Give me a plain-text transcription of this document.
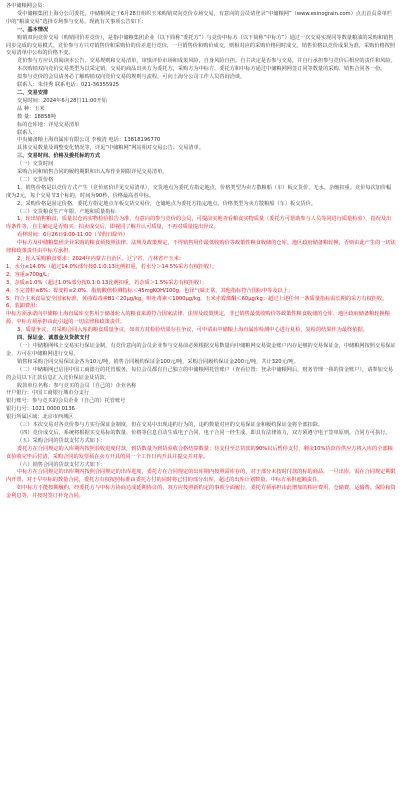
各中储粮网会员：

受中储粮集团上海分公司委托，中储粮网定于6月28日组织玉米购销双向竞价专场交易，有意向的会员请登录“中储粮网”（www.esinograin.com）点击首页菜单栏中的“粮油交易”选择专场参与交易。现就有关事项公告如下：

一、基本情况

购销双向竞价交易（购销同价差竞价），是指中储粮集团企业（以下简称“委托方”）与竞价中标方（以下简称“中标方”）通过一次交易实现同等数量粮油的采购和销售同步完成的交易模式。竞价参与方只对销售价和采购价的价差进行竞价，一旦销售价和购价成交，则相对应的采购价格同时成交。销售价格以竞价成果为准，采购价格按照交易清单中公布的价格不变。

竞价参与方应认真阅读本公告、交易规则和交易清单，审慎评价市场和成果风险，自身风险自担。自主决定是否参与交易，并自行承担参与竞价后相应的责任和风险。

本次购销双向竞价交易类型为以采定销，交易的商品出卖方为委托方，采购方为中标方，委托方和中标方通过中储粮网网签订同等数量的采购、销售合同各一份。

拟参与竞价的会员请务必了解购销双向竞价交易的规则与流程，可向上海分公司工作人员咨询洽谈。

联系人：朱佳秀 联系电话：021-36355925

二、交易安排

交易时间：2024年6月28日11:00开始

品 种：玉米

数 量：18858吨

标的仓库地：详见交易清单

联系人：

中央储备粮上海直属库有限公司 李俊清 电话：13818196770

具体交易数量及调整变化情况等，详见“中储粮网”网站相对交易公告、交易清单。

三、交易时间、价格及委托标的方式

（一）交货时间

采购合同和销售合同的履约期限和出入库作业期限详见交易清单。

（二）交货价格

1、销售价格是以竞价方式产生（竞价底价详见交易清单），交货地点为委托方指定地点，价格类型为卖方散粮船（车）板交货价，无水、杂缩扣重。竞价每次加价幅度为2元，每个交易节3个标的，时间为90秒，价格最高者中标。

2、采购价格是固定价格，委托方指定地点车板交货交易价，仓储地点为委托方指定地点，价格类型为卖方散粮船（车）板交货价。

（三）交货粮食生产年限、产地和质量指标

1、轮出销售粮食，质量以仓内实物检验报告为准，有意向的参与竞价的会员，可提前实地查看粮食实物质量（委托方可帮助参与人员等同进行质量检验），指况及出库条件等，自主确定是否购买。拍卖成交后，即视同了解并认可质量，不再对质量提出异议。

看样时间：6月26日9:00-11:00（节假日除外）

中标方及中储粮集团企业采购的粮食须按照法律、法规及政策规定，不得销售用作最低收购价等政策性粮食收储的仓库、地区政府储备粮轮换，否则由此产生的一切法律和政策责任由中标方承担。

2、轮入采购粮食要求：2024年内蒙古自治区、辽宁省、吉林省产玉米：

1、水分≤14.0%（超过14.0%部分按0.1:0.13比例扣重，若水分＞14.5%采方有权拒收）；

2、容重≥700g/L；

3、杂质≤1.0%（超过1.0%部分按0.1:0.13比例扣重，若杂质＞1.5%采方有权拒收）；

4、不完善粒≤8%；霉变粒≤2.0%，脂肪酸值检测指标＜45mgKOH/100g，色泽气味正常，其他指标符合国标中等及以上；

5、符合主米食品安全国家标准，黄曲霉毒素B1＜20μg/kg，呕吐毒素＜1000μg/kg，玉米赤霉烯酮＜60μg/kg；超过上述任何一条质量指标需长期的采方有权拒收。

6、装卸费用：

中标方须承诺向中储粮上海直属库交售用于储备轮入的粮食来源符合国家法律、法规及政策规定，非已销售最低收购价等政策性粮食收储的仓库、地区政府储备粮轮换粮源，中标方须承担由此引起的一切法律和政策责任。

3、质量争议，对采购合同入库的粮食质量争议，如双方对检验结果存在争议，可申请由中储粮上海直属库检测中心进行复检，复检的结果作为最终依据。

四、保证金、诚意金及货款支付

（一）中储粮网线上交易实行保证金制，有竞价意向的会员企业参与交易前必须根据交易数量向中储粮网交易资金账户内存足够的交易保证金，中储粮网按照交易保证金、方可在中储粮网进行交易。

销售和采购合同交易保证金各为10元/吨，销售合同履约保证金100元/吨，采购合同履约保证金200元/吨，共计320元/吨。

（二）中储粮网已启用中国工商银行的托管服务，每位会员都有自己独立的中储粮网托管账户（查看位置：登录中储粮网后，财务管理一我的资金账户），请参加交易的会员以下汇款信息汇入竞价保证金及货款。

收款单位名称：参与竞买的会员（自己的）企业名称

开户银行：中国工商银行城市分支行

银行账号：参与竞买的会员企业（自己的）托管账号

银行行号：1021 0000 0136

银行所属区域：北京市西城区

（三）本次交易对各竞价参与方实行保证金制度，但在交易中出现违约行为的，违约数量对应的交易保证金和履约保证金将全部扣除。

（四）竞价成交后，系统将根据买交易标的数量、价格等信息自动生成电子合同，电子合同一经生成，即具有法律效力，双方须遵守电子签单原则，合同方可执行。

（五）采购合同的货款支付方式如下：

委托方在合同规定的入库期内按照验收进度付款，到货数量为到货验收合格结算数量；待支付至总货款的90%以后暂停支付，剩余10%货款待供应方将入库的全部粮食验收完毕后付清，采购合同的发票须在卖方开具的同一个工作日内开具并提交并对象。

（六）销售合同的货款支付方式如下：

中标方在合同规定的出库期内按照合同规定的出库进度，委托方在合同规定的出库期内按照需库存的，对于部分未按时付款的标的商品，一旦出库，需在合同规定期限内开票，对于早中标的数量合同，委托方有权按照标准由委托方付的同时将已付的部分出库，超过的出库计划数量，中标方承担超额责任。

如中标方不能按期履约，经委托方与中标方协商达成延期协议的，双方应按照新约定的事项全面履行，委托方须承担由此增加的相应费用，仓储费、运输费、保险和资金利息等，并按时签订补充合同。
